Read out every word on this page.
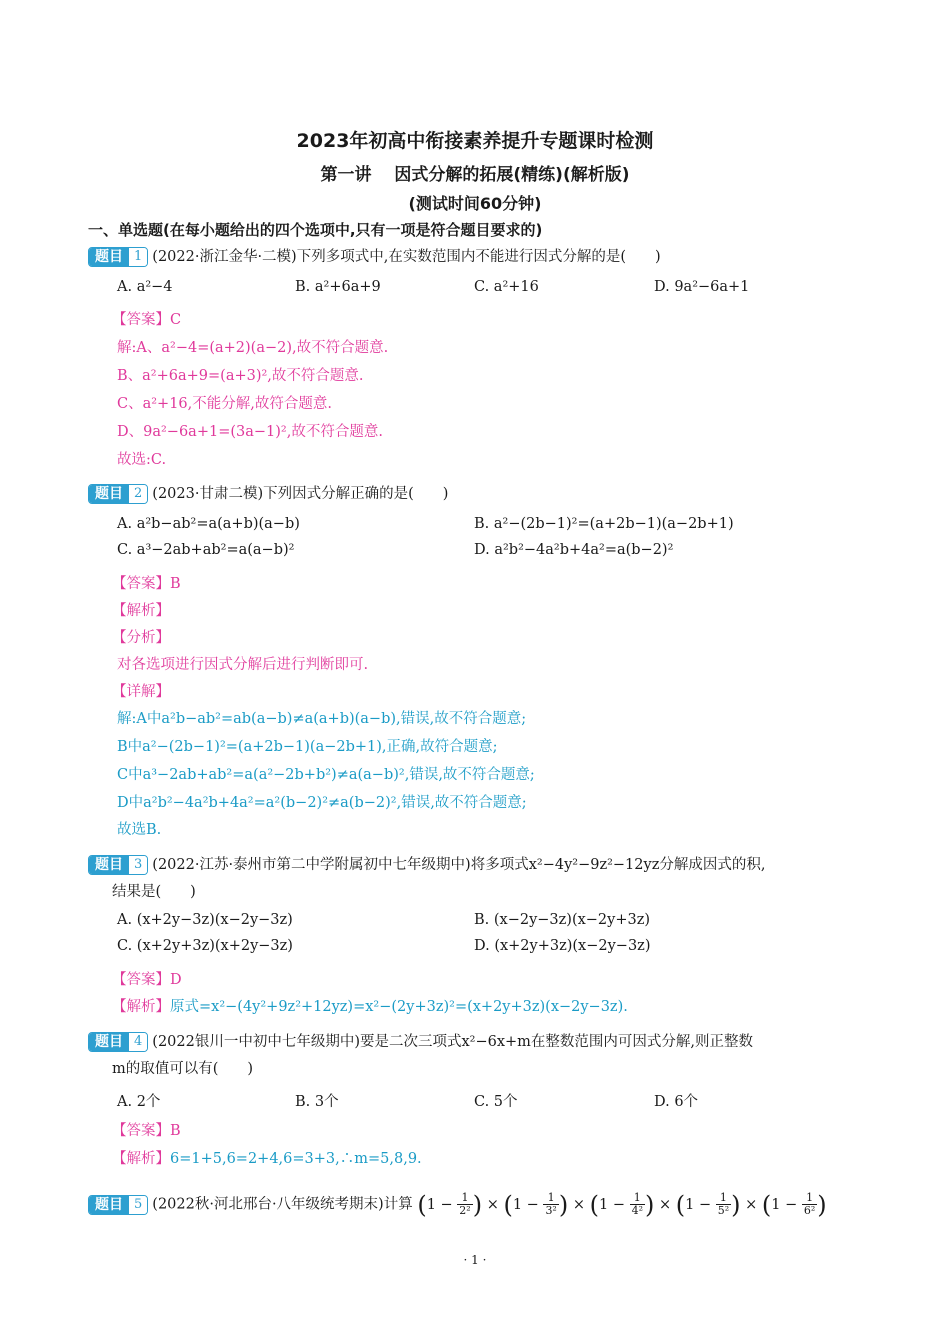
2023年初高中衔接素养提升专题课时检测
第一讲　 因式分解的拓展(精练)(解析版)
(测试时间60分钟)
一、单选题(在每小题给出的四个选项中,只有一项是符合题目要求的)
题目 1 (2022·浙江金华·二模)下列多项式中,在实数范围内不能进行因式分解的是(　　)
A. a²−4	B. a²+6a+9	C. a²+16	D. 9a²−6a+1
【答案】C
解:A、a²−4=(a+2)(a−2),故不符合题意.
B、a²+6a+9=(a+3)²,故不符合题意.
C、a²+16,不能分解,故符合题意.
D、9a²−6a+1=(3a−1)²,故不符合题意.
故选:C.
题目 2 (2023·甘肃二模)下列因式分解正确的是(　　)
A. a²b−ab²=a(a+b)(a−b)	B. a²−(2b−1)²=(a+2b−1)(a−2b+1)
C. a³−2ab+ab²=a(a−b)²	D. a²b²−4a²b+4a²=a(b−2)²
【答案】B
【解析】
【分析】
对各选项进行因式分解后进行判断即可.
【详解】
解:A中a²b−ab²=ab(a−b)≠a(a+b)(a−b),错误,故不符合题意;
B中a²−(2b−1)²=(a+2b−1)(a−2b+1),正确,故符合题意;
C中a³−2ab+ab²=a(a²−2b+b²)≠a(a−b)²,错误,故不符合题意;
D中a²b²−4a²b+4a²=a²(b−2)²≠a(b−2)²,错误,故不符合题意;
故选B.
题目 3 (2022·江苏·泰州市第二中学附属初中七年级期中)将多项式x²−4y²−9z²−12yz分解成因式的积,
结果是(　　)
A. (x+2y−3z)(x−2y−3z)	B. (x−2y−3z)(x−2y+3z)
C. (x+2y+3z)(x+2y−3z)	D. (x+2y+3z)(x−2y−3z)
【答案】D
【解析】原式=x²−(4y²+9z²+12yz)=x²−(2y+3z)²=(x+2y+3z)(x−2y−3z).
题目 4 (2022银川一中初中七年级期中)要是二次三项式x²−6x+m在整数范围内可因式分解,则正整数
m的取值可以有(　　)
A. 2个	B. 3个	C. 5个	D. 6个
【答案】B
【解析】6=1+5,6=2+4,6=3+3,∴m=5,8,9.
题目 5 (2022秋·河北邢台·八年级统考期末)计算 ($1 - \frac{1}{\text{2²}}$ ) × ($1 - \frac{1}{\text{3²}}$ ) × ($1 - \frac{1}{\text{4²}}$ ) × ($1 - \frac{1}{\text{5²}}$ ) × ($1 - \frac{1}{\text{6²}}$ )
· 1 ·
